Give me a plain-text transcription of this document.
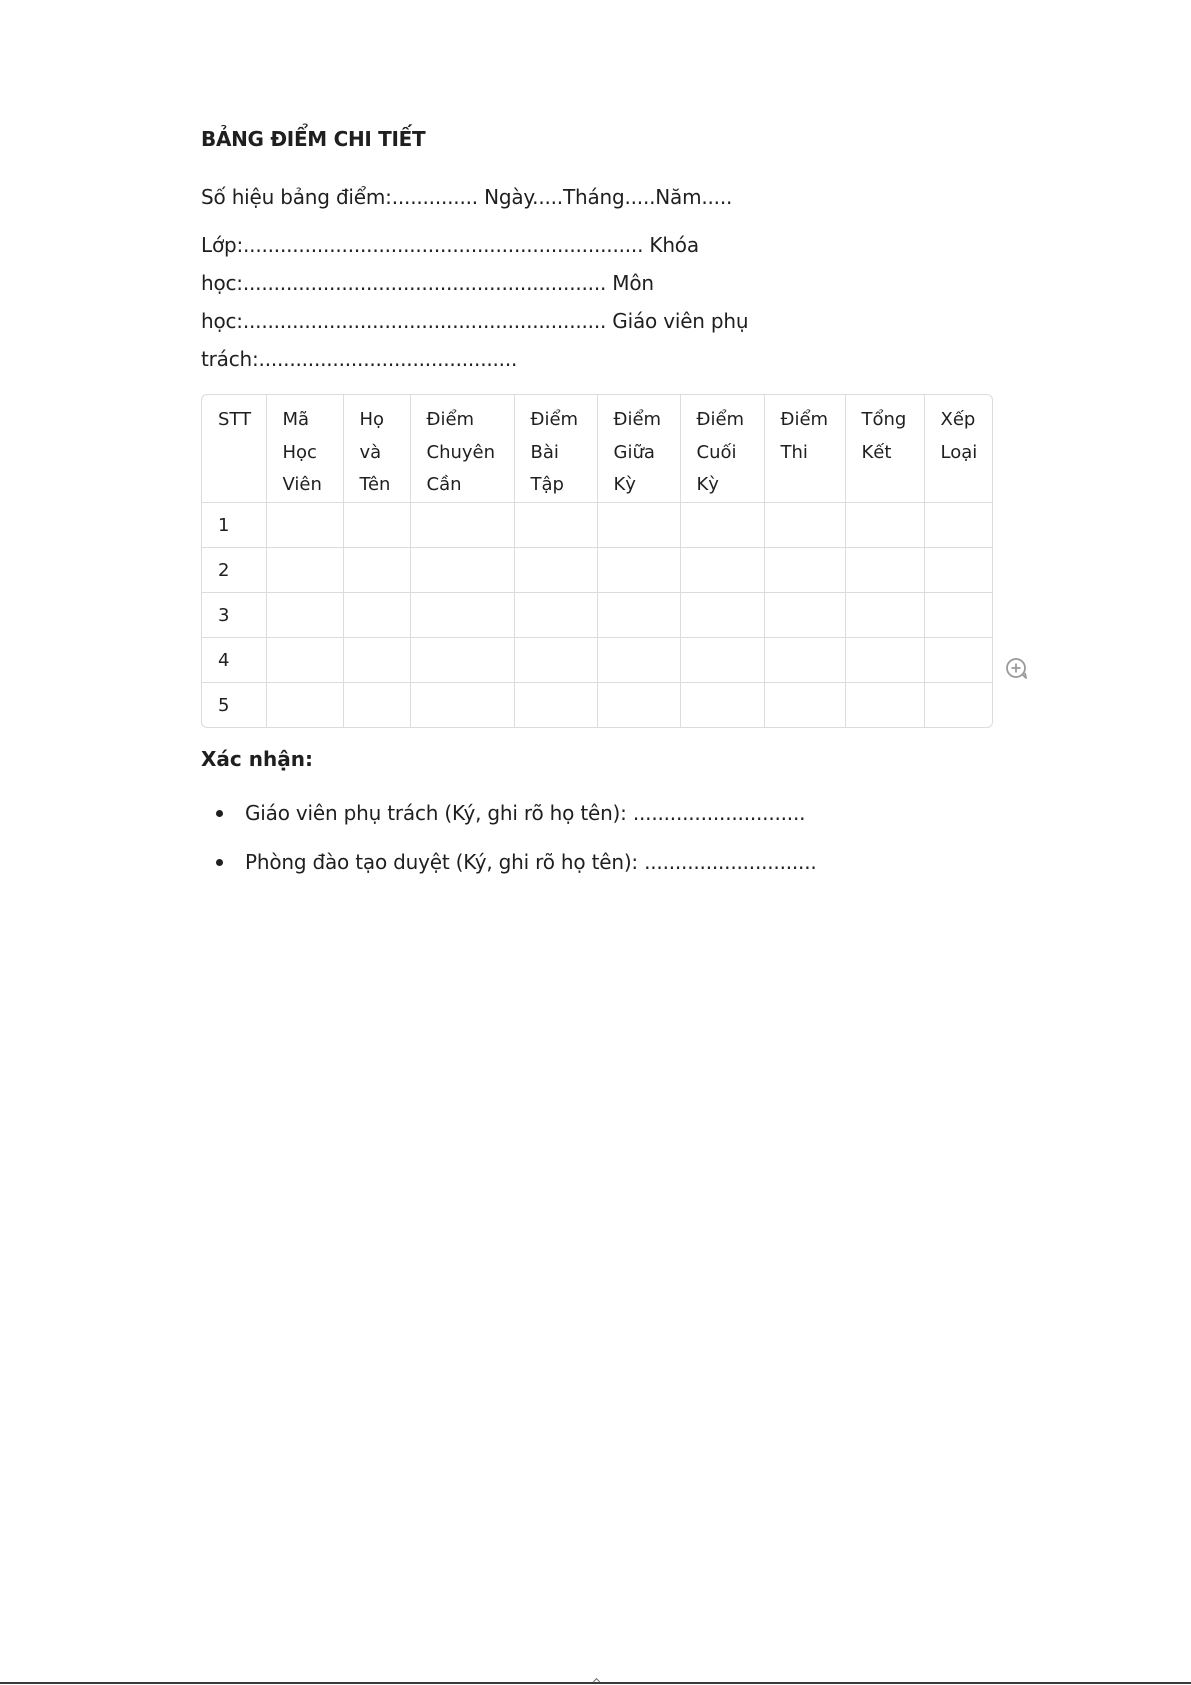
BẢNG ĐIỂM CHI TIẾT

Số hiệu bảng điểm:.............. Ngày.....Tháng.....Năm.....

Lớp:................................................................. Khóa học:........................................................... Môn học:........................................................... Giáo viên phụ trách:..........................................

STT	Mã Học Viên	Họ và Tên	Điểm Chuyên Cần	Điểm Bài Tập	Điểm Giữa Kỳ	Điểm Cuối Kỳ	Điểm Thi	Tổng Kết	Xếp Loại
1									
2									
3									
4									
5									

Xác nhận:

Giáo viên phụ trách (Ký, ghi rõ họ tên): ............................
Phòng đào tạo duyệt (Ký, ghi rõ họ tên): ............................
